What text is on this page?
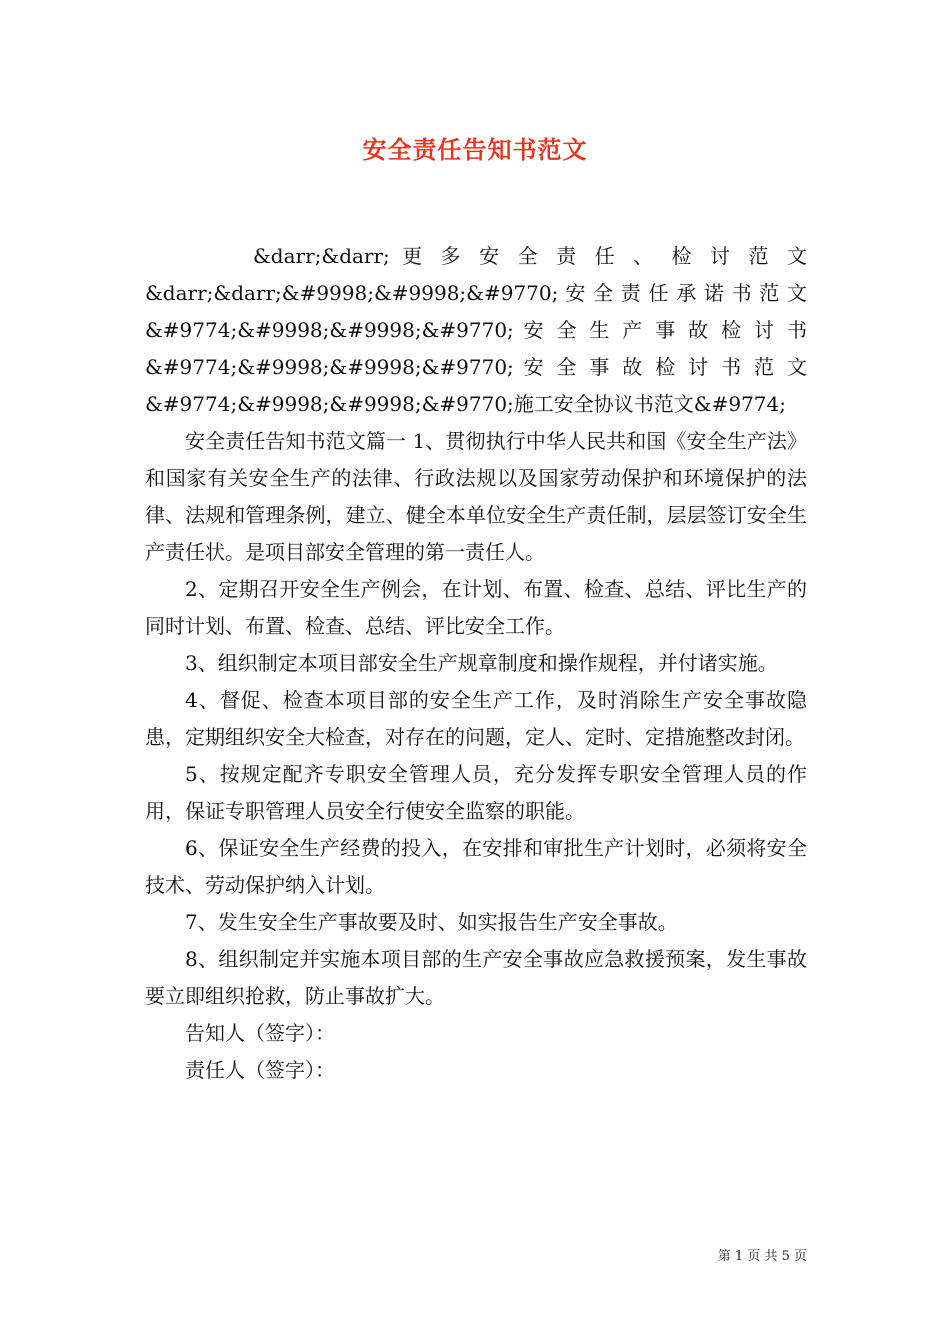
安全责任告知书范文

&darr;&darr; 更 多 安 全 责 任 、 检 讨 范 文

&darr;&darr;&#9998;&#9998;&#9770; 安 全 责 任 承 诺 书 范 文

&#9774;&#9998;&#9998;&#9770; 安 全 生 产 事 故 检 讨 书

&#9774;&#9998;&#9998;&#9770; 安 全 事 故 检 讨 书 范 文

&#9774;&#9998;&#9998;&#9770;施工安全协议书范文&#9774;

安全责任告知书范文篇一 1、贯彻执行中华人民共和国《安全生产法》和国家有关安全生产的法律、行政法规以及国家劳动保护和环境保护的法律、法规和管理条例，建立、健全本单位安全生产责任制，层层签订安全生产责任状。是项目部安全管理的第一责任人。

2、定期召开安全生产例会，在计划、布置、检查、总结、评比生产的同时计划、布置、检查、总结、评比安全工作。

3、组织制定本项目部安全生产规章制度和操作规程，并付诸实施。

4、督促、检查本项目部的安全生产工作，及时消除生产安全事故隐患，定期组织安全大检查，对存在的问题，定人、定时、定措施整改封闭。

5、按规定配齐专职安全管理人员，充分发挥专职安全管理人员的作用，保证专职管理人员安全行使安全监察的职能。

6、保证安全生产经费的投入，在安排和审批生产计划时，必须将安全技术、劳动保护纳入计划。

7、发生安全生产事故要及时、如实报告生产安全事故。

8、组织制定并实施本项目部的生产安全事故应急救援预案，发生事故要立即组织抢救，防止事故扩大。

告知人（签字）：

责任人（签字）：

第 1 页 共 5 页
